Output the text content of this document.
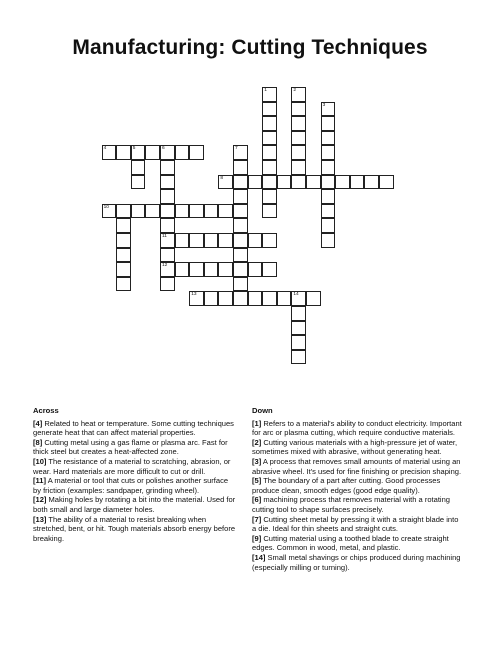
Manufacturing: Cutting Techniques
1	2
3
4	5	6	7
8
11
12
10
13	14
Across

[4] Related to heat or temperature. Some cutting techniques generate heat that can affect material properties.

[8] Cutting metal using a gas flame or plasma arc. Fast for thick steel but creates a heat-affected zone.

[10] The resistance of a material to scratching, abrasion, or wear. Hard materials are more difficult to cut or drill.

[11] A material or tool that cuts or polishes another surface by friction (examples: sandpaper, grinding wheel).

[12] Making holes by rotating a bit into the material. Used for both small and large diameter holes.

[13] The ability of a material to resist breaking when stretched, bent, or hit. Tough materials absorb energy before breaking.

Down

[1] Refers to a material's ability to conduct electricity. Important for arc or plasma cutting, which require conductive materials.

[2] Cutting various materials with a high-pressure jet of water, sometimes mixed with abrasive, without generating heat.

[3] A process that removes small amounts of material using an abrasive wheel. It's used for fine finishing or precision shaping.

[5] The boundary of a part after cutting. Good processes produce clean, smooth edges (good edge quality).

[6] machining process that removes material with a rotating cutting tool to shape surfaces precisely.

[7] Cutting sheet metal by pressing it with a straight blade into a die. Ideal for thin sheets and straight cuts.

[9] Cutting material using a toothed blade to create straight edges. Common in wood, metal, and plastic.

[14] Small metal shavings or chips produced during machining (especially milling or turning).
